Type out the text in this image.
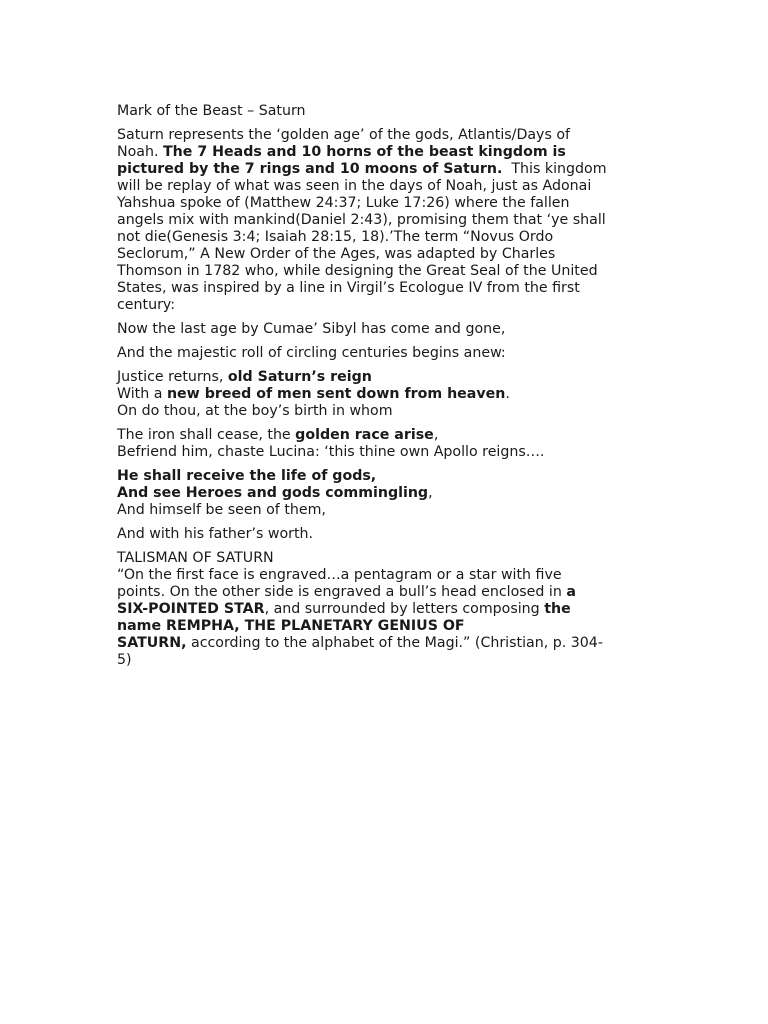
Mark of the Beast – Saturn

Saturn represents the ‘golden age’ of the gods, Atlantis/Days of
Noah. The 7 Heads and 10 horns of the beast kingdom is
pictured by the 7 rings and 10 moons of Saturn.  This kingdom
will be replay of what was seen in the days of Noah, just as Adonai
Yahshua spoke of (Matthew 24:37; Luke 17:26) where the fallen
angels mix with mankind(Daniel 2:43), promising them that ‘ye shall
not die(Genesis 3:4; Isaiah 28:15, 18).’The term “Novus Ordo
Seclorum,” A New Order of the Ages, was adapted by Charles
Thomson in 1782 who, while designing the Great Seal of the United
States, was inspired by a line in Virgil’s Ecologue IV from the first
century:

Now the last age by Cumae’ Sibyl has come and gone,

And the majestic roll of circling centuries begins anew:

Justice returns, old Saturn’s reign
With a new breed of men sent down from heaven.
On do thou, at the boy’s birth in whom

The iron shall cease, the golden race arise,
Befriend him, chaste Lucina: ‘this thine own Apollo reigns….

He shall receive the life of gods,
And see Heroes and gods commingling,
And himself be seen of them,

And with his father’s worth.

TALISMAN OF SATURN
“On the first face is engraved…a pentagram or a star with five
points. On the other side is engraved a bull’s head enclosed in a
SIX-POINTED STAR, and surrounded by letters composing the
name REMPHA, THE PLANETARY GENIUS OF
SATURN, according to the alphabet of the Magi.” (Christian, p. 304-
5)
